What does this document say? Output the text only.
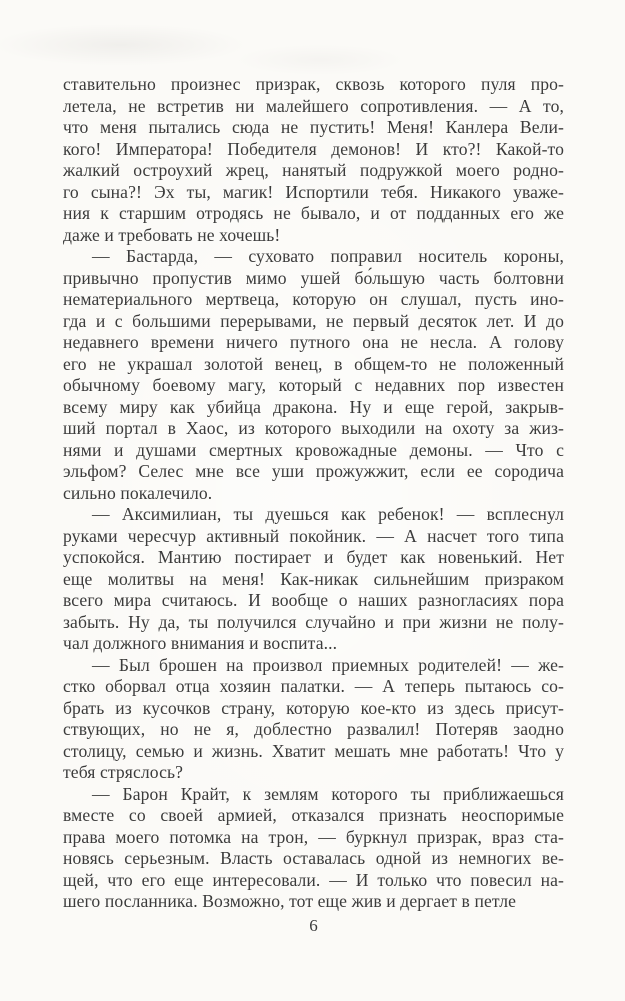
ставительно произнес призрак, сквозь которого пуля про-
летела, не встретив ни малейшего сопротивления. — А то,
что меня пытались сюда не пустить! Меня! Канлера Вели-
кого! Императора! Победителя демонов! И кто?! Какой-то
жалкий остроухий жрец, нанятый подружкой моего родно-
го сына?! Эх ты, магик! Испортили тебя. Никакого уваже-
ния к старшим отродясь не бывало, и от подданных его же
даже и требовать не хочешь!
— Бастарда, — суховато поправил носитель короны,
привычно пропустив мимо ушей бо́льшую часть болтовни
нематериального мертвеца, которую он слушал, пусть ино-
гда и с большими перерывами, не первый десяток лет. И до
недавнего времени ничего путного она не несла. А голову
его не украшал золотой венец, в общем-то не положенный
обычному боевому магу, который с недавних пор известен
всему миру как убийца дракона. Ну и еще герой, закрыв-
ший портал в Хаос, из которого выходили на охоту за жиз-
нями и душами смертных кровожадные демоны. — Что с
эльфом? Селес мне все уши прожужжит, если ее сородича
сильно покалечило.
— Аксимилиан, ты дуешься как ребенок! — всплеснул
руками чересчур активный покойник. — А насчет того типа
успокойся. Мантию постирает и будет как новенький. Нет
еще молитвы на меня! Как-никак сильнейшим призраком
всего мира считаюсь. И вообще о наших разногласиях пора
забыть. Ну да, ты получился случайно и при жизни не полу-
чал должного внимания и воспита...
— Был брошен на произвол приемных родителей! — же-
стко оборвал отца хозяин палатки. — А теперь пытаюсь со-
брать из кусочков страну, которую кое-кто из здесь присут-
ствующих, но не я, доблестно развалил! Потеряв заодно
столицу, семью и жизнь. Хватит мешать мне работать! Что у
тебя стряслось?
— Барон Крайт, к землям которого ты приближаешься
вместе со своей армией, отказался признать неоспоримые
права моего потомка на трон, — буркнул призрак, враз ста-
новясь серьезным. Власть оставалась одной из немногих ве-
щей, что его еще интересовали. — И только что повесил на-
шего посланника. Возможно, тот еще жив и дергает в петле
6
